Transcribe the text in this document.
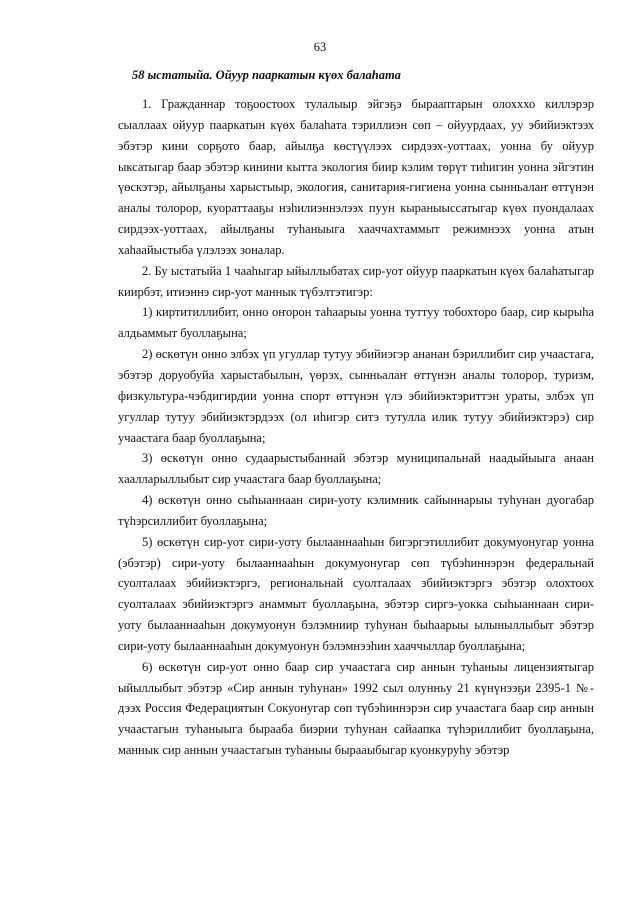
63
58 ыстатыйа. Ойуур пааркатын күөх балаһата

1. Гражданнар тоҕоостоох тулалыыр эйгэҕэ бырааптарын олохххо киллэрэр сыаллаах ойуур пааркатын күөх балаһата тэриллиэн сөп – ойуурдаах, уу эбийиэктээх эбэтэр кини сорҕото баар, айылҕа көстүүлээх сирдээх-уоттаах, уонна бу ойуур ыксатыгар баар эбэтэр кинини кытта экология биир кэлим төрүт тиһигин уонна эйгэтин үөскэтэр, айылҕаны харыстыыр, экология, санитария-гигиена уонна сынньалаҥ өттүнэн аналы толорор, куораттааҕы нэһилиэннэлээх пуун кыраныыссатыгар күөх пуондалаах сирдээх-уоттаах, айылҕаны туһаныыга хааччахтаммыт режимнээх уонна атын хаһаайыстыба үлэлээх зоналар.

2. Бу ыстатыйа 1 чааһыгар ыйыллыбатах сир-уот ойуур пааркатын күөх балаһатыгар киирбэт, итиэннэ сир-уот маннык түбэлтэтигэр:

1) киртитиллибит, онно оҥорон таһаарыы уонна туттуу тобохторо баар, сир кырыһа алдьаммыт буоллаҕына;

2) өскөтүн онно элбэх үп угуллар тутуу эбийиэгэр ананан бэриллибит сир учаастага, эбэтэр доруобуйа харыстабылын, үөрэх, сынньалаҥ өттүнэн аналы толорор, туризм, физкультура-чэбдигирдии уонна спорт өттүнэн үлэ эбийиэктэриттэн ураты, элбэх үп угуллар тутуу эбийиэктэрдээх (ол иһигэр ситэ тутулла илик тутуу эбийиэктэрэ) сир учаастага баар буоллаҕына;

3) өскөтүн онно судаарыстыбаннай эбэтэр муниципальнай наадыйыыга анаан хаалларыллыбыт сир учаастага баар буоллаҕына;

4) өскөтүн онно сыһыаннаан сири-уоту кэлимник сайыннарыы туһунан дуогабар түһэрсиллибит буоллаҕына;

5) өскөтүн сир-уот сири-уоту былааннааһын бигэргэтиллибит докумуонугар уонна (эбэтэр) сири-уоту былааннааһын докумуонугар сөп түбэһиннэрэн федеральнай суолталаах эбийиэктэргэ, региональнай суолталаах эбийиэктэргэ эбэтэр олохтоох суолталаах эбийиэктэргэ анаммыт буоллаҕына, эбэтэр сиргэ-уокка сыһыаннаан сири-уоту былааннааһын докумуонун бэлэмниир туһунан быһаарыы ылыныллыбыт эбэтэр сири-уоту былааннааһын докумуонун бэлэмнээһин хааччыллар буоллаҕына;

6) өскөтүн сир-уот онно баар сир учаастага сир аннын туһаныы лицензиятыгар ыйыллыбыт эбэтэр «Сир аннын туһунан» 1992 сыл олунньу 21 күнүнээҕи 2395-1 №-дээх Россия Федерациятын Сокуонугар сөп түбэһиннэрэн сир учаастага баар сир аннын учаастагын туһаныыга бырааба биэрии туһунан сайаапка түһэриллибит буоллаҕына, маннык сир аннын учаастагын туһаныы бырааыбыгар куонкуруһу эбэтэр
